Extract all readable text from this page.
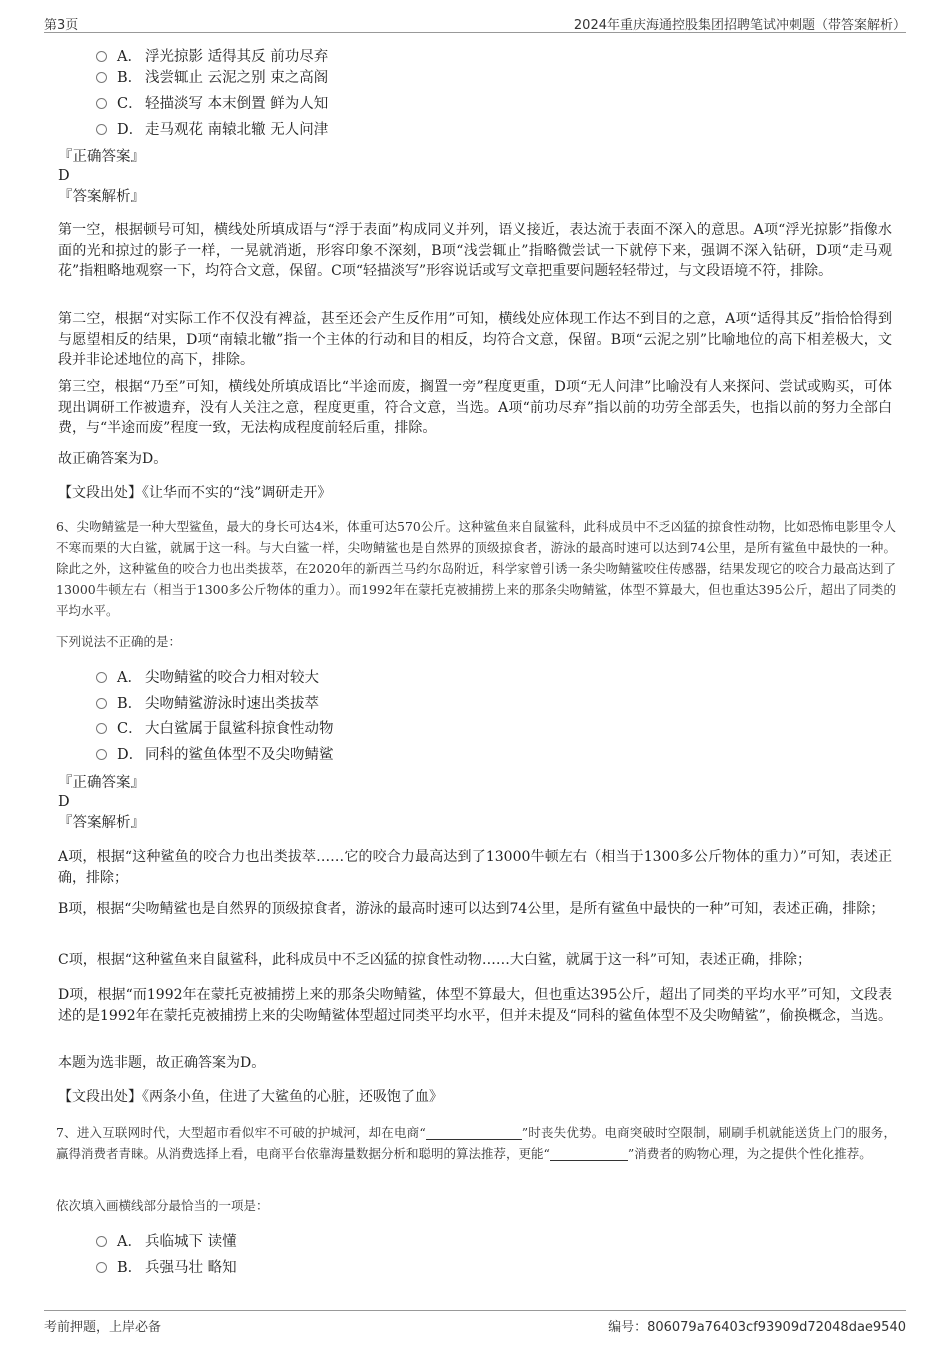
第3页	2024年重庆海通控股集团招聘笔试冲刺题（带答案解析）
A． 浮光掠影 适得其反 前功尽弃
B． 浅尝辄止 云泥之别 束之高阁
C． 轻描淡写 本末倒置 鲜为人知
D． 走马观花 南辕北辙 无人问津
『正确答案』
D
『答案解析』
第一空，根据顿号可知，横线处所填成语与“浮于表面”构成同义并列，语义接近，表达流于表面不深入的意思。A项“浮光掠影”指像水面的光和掠过的影子一样，一晃就消逝，形容印象不深刻，B项“浅尝辄止”指略微尝试一下就停下来，强调不深入钻研，D项“走马观花”指粗略地观察一下，均符合文意，保留。C项“轻描淡写”形容说话或写文章把重要问题轻轻带过，与文段语境不符，排除。
第二空，根据“对实际工作不仅没有裨益，甚至还会产生反作用”可知，横线处应体现工作达不到目的之意，A项“适得其反”指恰恰得到与愿望相反的结果，D项“南辕北辙”指一个主体的行动和目的相反，均符合文意，保留。B项“云泥之别”比喻地位的高下相差极大，文段并非论述地位的高下，排除。
第三空，根据“乃至”可知，横线处所填成语比“半途而废，搁置一旁”程度更重，D项“无人问津”比喻没有人来探问、尝试或购买，可体现出调研工作被遗弃，没有人关注之意，程度更重，符合文意，当选。A项“前功尽弃”指以前的功劳全部丢失，也指以前的努力全部白费，与“半途而废”程度一致，无法构成程度前轻后重，排除。
故正确答案为D。
【文段出处】《让华而不实的“浅”调研走开》
6、尖吻鲭鲨是一种大型鲨鱼，最大的身长可达4米，体重可达570公斤。这种鲨鱼来自鼠鲨科，此科成员中不乏凶猛的掠食性动物，比如恐怖电影里令人不寒而栗的大白鲨，就属于这一科。与大白鲨一样，尖吻鲭鲨也是自然界的顶级掠食者，游泳的最高时速可以达到74公里，是所有鲨鱼中最快的一种。除此之外，这种鲨鱼的咬合力也出类拔萃，在2020年的新西兰马约尔岛附近，科学家曾引诱一条尖吻鲭鲨咬住传感器，结果发现它的咬合力最高达到了13000牛顿左右（相当于1300多公斤物体的重力）。而1992年在蒙托克被捕捞上来的那条尖吻鲭鲨，体型不算最大，但也重达395公斤，超出了同类的平均水平。
下列说法不正确的是：
A． 尖吻鲭鲨的咬合力相对较大
B． 尖吻鲭鲨游泳时速出类拔萃
C． 大白鲨属于鼠鲨科掠食性动物
D． 同科的鲨鱼体型不及尖吻鲭鲨
『正确答案』
D
『答案解析』
A项，根据“这种鲨鱼的咬合力也出类拔萃……它的咬合力最高达到了13000牛顿左右（相当于1300多公斤物体的重力）”可知，表述正确，排除；
B项，根据“尖吻鲭鲨也是自然界的顶级掠食者，游泳的最高时速可以达到74公里，是所有鲨鱼中最快的一种”可知，表述正确，排除；
C项，根据“这种鲨鱼来自鼠鲨科，此科成员中不乏凶猛的掠食性动物……大白鲨，就属于这一科”可知，表述正确，排除；
D项，根据“而1992年在蒙托克被捕捞上来的那条尖吻鲭鲨，体型不算最大，但也重达395公斤，超出了同类的平均水平”可知，文段表述的是1992年在蒙托克被捕捞上来的尖吻鲭鲨体型超过同类平均水平，但并未提及“同科的鲨鱼体型不及尖吻鲭鲨”，偷换概念，当选。
本题为选非题，故正确答案为D。
【文段出处】《两条小鱼，住进了大鲨鱼的心脏，还吸饱了血》
7、进入互联网时代，大型超市看似牢不可破的护城河，却在电商“	”时丧失优势。电商突破时空限制，刷刷手机就能送货上门的服务，赢得消费者青睐。从消费选择上看，电商平台依靠海量数据分析和聪明的算法推荐，更能“	”消费者的购物心理，为之提供个性化推荐。
依次填入画横线部分最恰当的一项是：
A． 兵临城下 读懂
B． 兵强马壮 略知
考前押题，上岸必备	编号：806079a76403cf93909d72048dae9540
